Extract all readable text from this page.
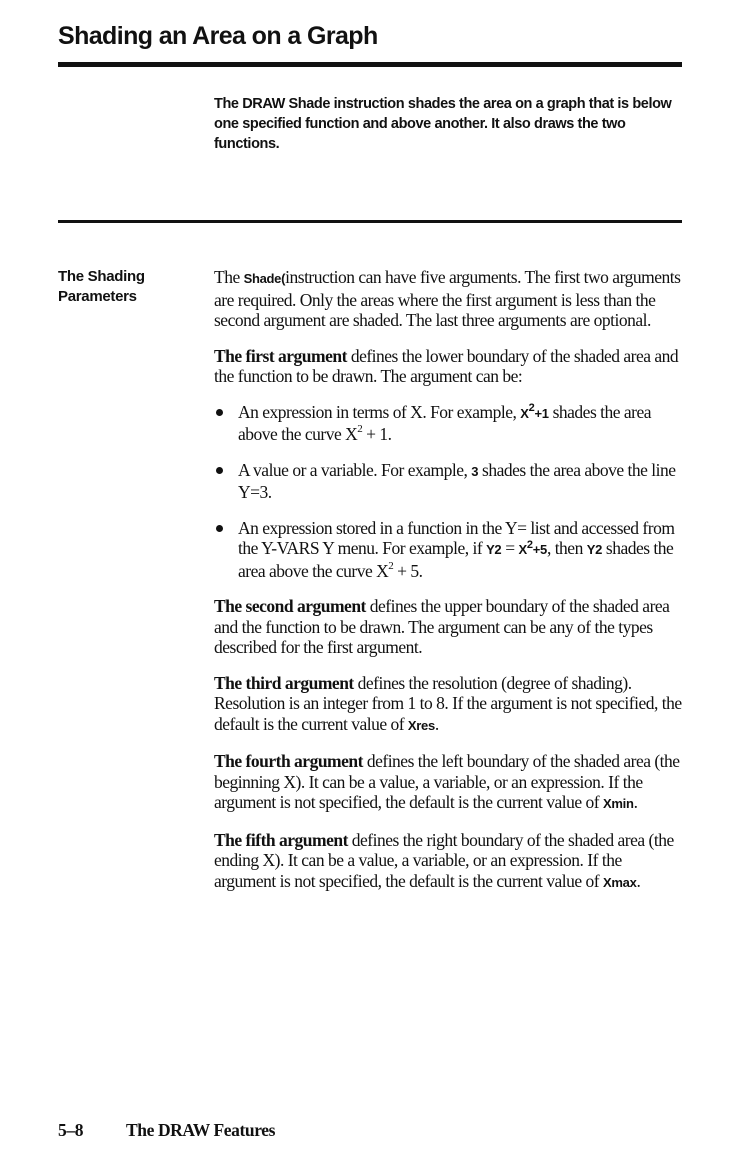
Shading an Area on a Graph
The DRAW Shade instruction shades the area on a graph that is below one specified function and above another. It also draws the two functions.
The Shading
Parameters

The Shade(instruction can have five arguments. The first two arguments are required. Only the areas where the first argument is less than the second argument are shaded. The last three arguments are optional.

The first argument defines the lower boundary of the shaded area and the function to be drawn. The argument can be:

An expression in terms of X. For example, $X^2+1$ shades the area above the curve $X^2 + 1$.
A value or a variable. For example, 3 shades the area above the line Y=3.
An expression stored in a function in the Y= list and accessed from the Y-VARS Y menu. For example, if $Y2 = X^2+5$, then Y2 shades the area above the curve $X^2 + 5$.

The second argument defines the upper boundary of the shaded area and the function to be drawn. The argument can be any of the types described for the first argument.

The third argument defines the resolution (degree of shading). Resolution is an integer from 1 to 8. If the argument is not specified, the default is the current value of Xres.

The fourth argument defines the left boundary of the shaded area (the beginning X). It can be a value, a variable, or an expression. If the argument is not specified, the default is the current value of Xmin.

The fifth argument defines the right boundary of the shaded area (the ending X). It can be a value, a variable, or an expression. If the argument is not specified, the default is the current value of Xmax.

5–8 The DRAW Features
